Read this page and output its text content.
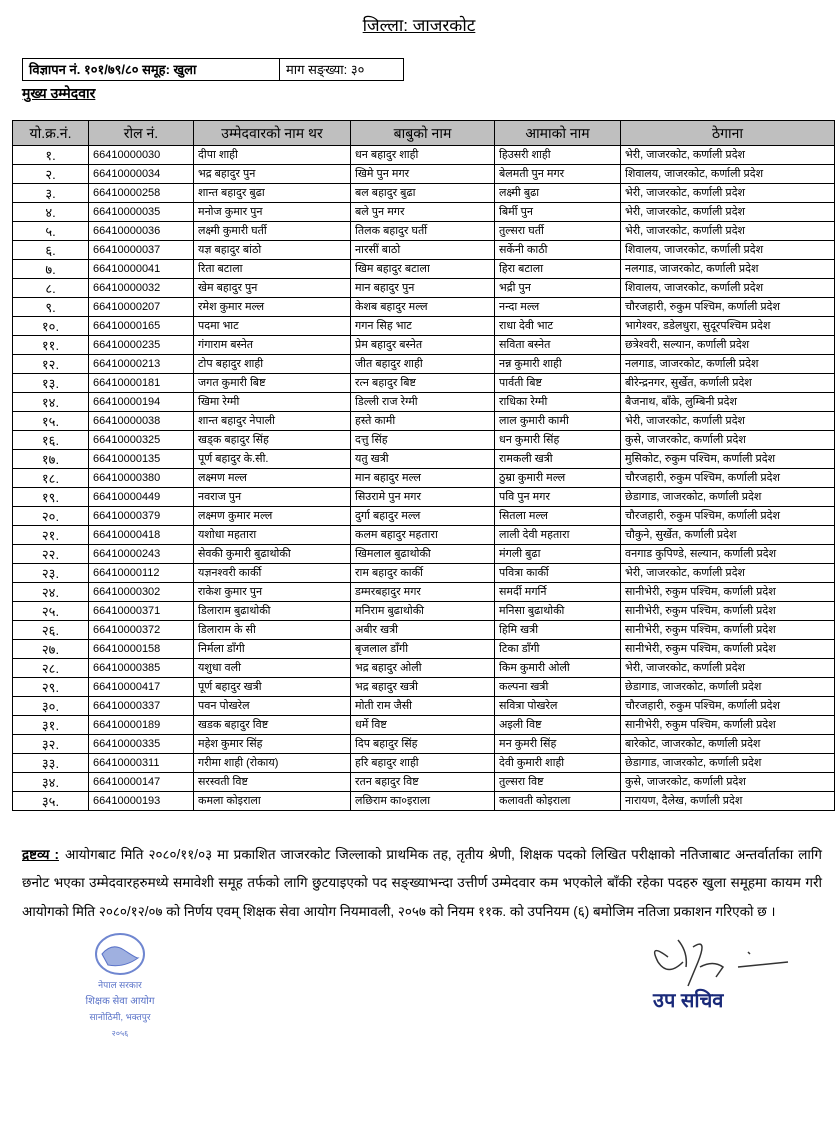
जिल्ला: जाजरकोट
विज्ञापन नं. १०१/७९/८० समूह: खुला	माग सङ्ख्या: ३०
मुख्य उम्मेदवार
यो.क्र.नं.	रोल नं.	उम्मेदवारको नाम थर	बाबुको नाम	आमाको नाम	ठेगाना
१.	66410000030	दीपा शाही	धन बहादुर शाही	हिउसरी शाही	भेरी, जाजरकोट, कर्णाली प्रदेश
२.	66410000034	भद्र बहादुर पुन	खिमे पुन मगर	बेलमती पुन मगर	शिवालय, जाजरकोट, कर्णाली प्रदेश
३.	66410000258	शान्त बहादुर बुढा	बल बहादुर बुढा	लक्ष्मी बुढा	भेरी, जाजरकोट, कर्णाली प्रदेश
४.	66410000035	मनोज कुमार पुन	बले पुन मगर	बिर्मी पुन	भेरी, जाजरकोट, कर्णाली प्रदेश
५.	66410000036	लक्ष्मी कुमारी घर्ती	तिलक बहादुर घर्ती	तुल्सरा घर्ती	भेरी, जाजरकोट, कर्णाली प्रदेश
६.	66410000037	यज्ञ बहादुर बांठो	नारसीं बाठो	सर्केनी काठी	शिवालय, जाजरकोट, कर्णाली प्रदेश
७.	66410000041	रिता बटाला	खिम बहादुर बटाला	हिरा बटाला	नलगाड, जाजरकोट, कर्णाली प्रदेश
८.	66410000032	खेम बहादुर पुन	मान बहादुर पुन	भद्री पुन	शिवालय, जाजरकोट, कर्णाली प्रदेश
९.	66410000207	रमेश कुमार मल्ल	केशब बहादुर मल्ल	नन्दा मल्ल	चौरजहारी, रुकुम पश्चिम, कर्णाली प्रदेश
१०.	66410000165	पदमा भाट	गगन सिह भाट	राधा देवी भाट	भागेश्वर, डडेलधुरा, सुदूरपश्चिम प्रदेश
११.	66410000235	गंगाराम बस्नेत	प्रेम बहादुर बस्नेत	सविता बस्नेत	छत्रेश्वरी, सल्यान, कर्णाली प्रदेश
१२.	66410000213	टोप बहादुर शाही	जीत बहादुर शाही	नन्न कुमारी शाही	नलगाड, जाजरकोट, कर्णाली प्रदेश
१३.	66410000181	जगत कुमारी बिष्ट	रत्न बहादुर बिष्ट	पार्वती बिष्ट	बीरेन्द्रनगर, सुर्खेत, कर्णाली प्रदेश
१४.	66410000194	खिमा रेग्मी	डिल्ली राज रेग्मी	राधिका रेग्मी	बैजनाथ, बाँके, लुम्बिनी प्रदेश
१५.	66410000038	शान्त बहादुर नेपाली	हस्ते कामी	लाल कुमारी कामी	भेरी, जाजरकोट, कर्णाली प्रदेश
१६.	66410000325	खड्क बहादुर सिंह	दत्तु सिंह	धन कुमारी सिंह	कुसे, जाजरकोट, कर्णाली प्रदेश
१७.	66410000135	पूर्ण बहादुर के.सी.	यतु खत्री	रामकली खत्री	मुसिकोट, रुकुम पश्चिम, कर्णाली प्रदेश
१८.	66410000380	लक्ष्मण मल्ल	मान बहादुर मल्ल	ठुम्रा कुमारी मल्ल	चौरजहारी, रुकुम पश्चिम, कर्णाली प्रदेश
१९.	66410000449	नवराज पुन	सिउरामे पुन मगर	पवि पुन मगर	छेडागाड, जाजरकोट, कर्णाली प्रदेश
२०.	66410000379	लक्ष्मण कुमार मल्ल	दुर्गा बहादुर मल्ल	सितला मल्ल	चौरजहारी, रुकुम पश्चिम, कर्णाली प्रदेश
२१.	66410000418	यशोधा महतारा	कलम बहादुर महतारा	लाली देवी महतारा	चौकुने, सुर्खेत, कर्णाली प्रदेश
२२.	66410000243	सेवकी कुमारी बुढाथोकी	खिमलाल बुढाथोकी	मंगली बुढा	वनगाड कुपिण्डे, सल्यान, कर्णाली प्रदेश
२३.	66410000112	यज्ञनश्वरी कार्की	राम बहादुर कार्की	पवित्रा कार्की	भेरी, जाजरकोट, कर्णाली प्रदेश
२४.	66410000302	राकेश कुमार पुन	डम्मरबहादुर मगर	समर्दी मगर्नि	सानीभेरी, रुकुम पश्चिम, कर्णाली प्रदेश
२५.	66410000371	डिलाराम बुढाथोकी	मनिराम बुढाथोकी	मनिसा बुढाथोकी	सानीभेरी, रुकुम पश्चिम, कर्णाली प्रदेश
२६.	66410000372	डिलाराम के सी	अबीर खत्री	हिमि खत्री	सानीभेरी, रुकुम पश्चिम, कर्णाली प्रदेश
२७.	66410000158	निर्मला डाँगी	बृजलाल डाँगी	टिका डाँगी	सानीभेरी, रुकुम पश्चिम, कर्णाली प्रदेश
२८.	66410000385	यशुधा वली	भद्र बहादुर ओली	किम कुमारी ओली	भेरी, जाजरकोट, कर्णाली प्रदेश
२९.	66410000417	पूर्ण बहादुर खत्री	भद्र बहादुर खत्री	कल्पना खत्री	छेडागाड, जाजरकोट, कर्णाली प्रदेश
३०.	66410000337	पवन पोखरेल	मोती राम जैसी	सवित्रा पोखरेल	चौरजहारी, रुकुम पश्चिम, कर्णाली प्रदेश
३१.	66410000189	खडक बहादुर विष्ट	धर्मे विष्ट	अइली विष्ट	सानीभेरी, रुकुम पश्चिम, कर्णाली प्रदेश
३२.	66410000335	महेश कुमार सिंह	दिप बहादुर सिंह	मन कुमरी सिंह	बारेकोट, जाजरकोट, कर्णाली प्रदेश
३३.	66410000311	गरीमा शाही (रोकाय)	हरि बहादुर शाही	देवी कुमारी शाही	छेडागाड, जाजरकोट, कर्णाली प्रदेश
३४.	66410000147	सरस्वती विष्ट	रतन बहादुर विष्ट	तुल्सरा विष्ट	कुसे, जाजरकोट, कर्णाली प्रदेश
३५.	66410000193	कमला कोइराला	लछिराम का०इराला	कलावती कोइराला	नारायण, दैलेख, कर्णाली प्रदेश
द्रष्टव्य : आयोगबाट मिति २०८०/११/०३ मा प्रकाशित जाजरकोट जिल्लाको प्राथमिक तह, तृतीय श्रेणी, शिक्षक पदको लिखित परीक्षाको नतिजाबाट अन्तर्वार्ताका लागि छनोट भएका उम्मेदवारहरुमध्ये समावेशी समूह तर्फको लागि छुटयाइएको पद सङ्ख्याभन्दा उत्तीर्ण उम्मेदवार कम भएकोले बाँकी रहेका पदहरु खुला समूहमा कायम गरी आयोगको मिति २०८०/१२/०७ को निर्णय एवम् शिक्षक सेवा आयोग नियमावली, २०५७ को नियम ११क. को उपनियम (६) बमोजिम नतिजा प्रकाशन गरिएको छ ।
नेपाल सरकार
शिक्षक सेवा आयोग
सानोठिमी, भक्तपुर
२०५६
उप सचिव
